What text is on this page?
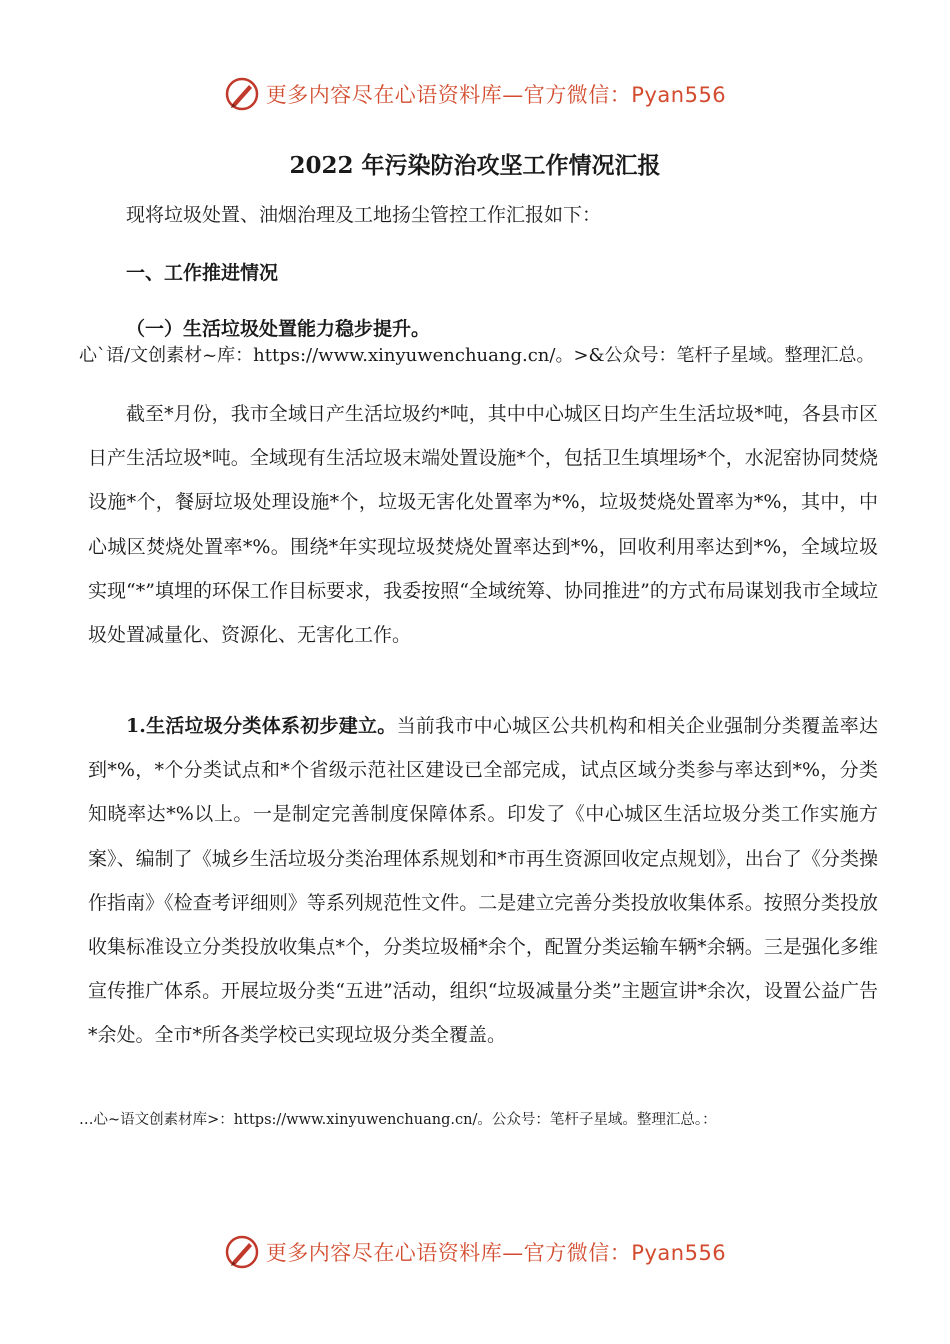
更多内容尽在心语资料库—官方微信：Pyan556
2022 年污染防治攻坚工作情况汇报
现将垃圾处置、油烟治理及工地扬尘管控工作汇报如下：
一、工作推进情况
（一）生活垃圾处置能力稳步提升。
心`语/文创素材~库：https://www.xinyuwenchuang.cn/。>&公众号：笔杆子星域。整理汇总。
截至*月份，我市全域日产生活垃圾约*吨，其中中心城区日均产生生活垃圾*吨，各县市区日产生活垃圾*吨。全域现有生活垃圾末端处置设施*个，包括卫生填埋场*个，水泥窑协同焚烧设施*个，餐厨垃圾处理设施*个，垃圾无害化处置率为*%，垃圾焚烧处置率为*%，其中，中心城区焚烧处置率*%。围绕*年实现垃圾焚烧处置率达到*%，回收利用率达到*%，全域垃圾实现“*”填埋的环保工作目标要求，我委按照“全域统筹、协同推进”的方式布局谋划我市全域垃圾处置减量化、资源化、无害化工作。
1.生活垃圾分类体系初步建立。当前我市中心城区公共机构和相关企业强制分类覆盖率达到*%，*个分类试点和*个省级示范社区建设已全部完成，试点区域分类参与率达到*%，分类知晓率达*%以上。一是制定完善制度保障体系。印发了《中心城区生活垃圾分类工作实施方案》、编制了《城乡生活垃圾分类治理体系规划和*市再生资源回收定点规划》，出台了《分类操作指南》《检查考评细则》等系列规范性文件。二是建立完善分类投放收集体系。按照分类投放收集标准设立分类投放收集点*个，分类垃圾桶*余个，配置分类运输车辆*余辆。三是强化多维宣传推广体系。开展垃圾分类“五进”活动，组织“垃圾减量分类”主题宣讲*余次，设置公益广告*余处。全市*所各类学校已实现垃圾分类全覆盖。
…心~语文创素材库>：https://www.xinyuwenchuang.cn/。公众号：笔杆子星域。整理汇总。：
更多内容尽在心语资料库—官方微信：Pyan556
